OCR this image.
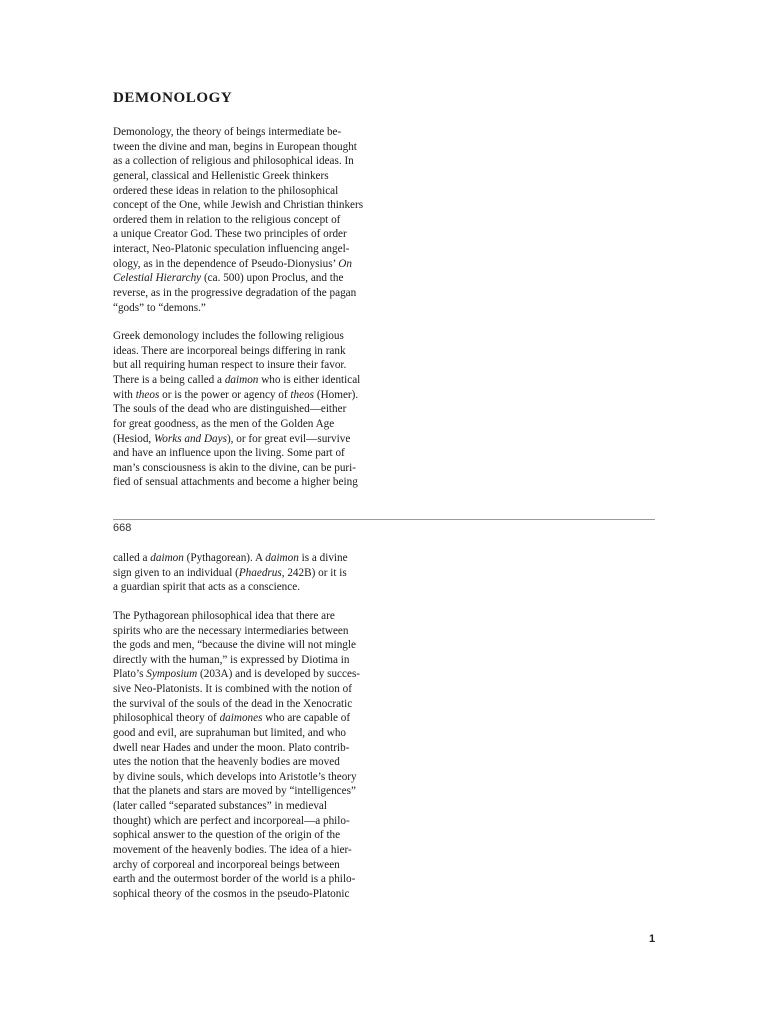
DEMONOLOGY

Demonology, the theory of beings intermediate be-
tween the divine and man, begins in European thought
as a collection of religious and philosophical ideas. In
general, classical and Hellenistic Greek thinkers
ordered these ideas in relation to the philosophical
concept of the One, while Jewish and Christian thinkers
ordered them in relation to the religious concept of
a unique Creator God. These two principles of order
interact, Neo-Platonic speculation influencing angel-
ology, as in the dependence of Pseudo-Dionysius’ On
Celestial Hierarchy (ca. 500) upon Proclus, and the
reverse, as in the progressive degradation of the pagan
“gods” to “demons.”

Greek demonology includes the following religious
ideas. There are incorporeal beings differing in rank
but all requiring human respect to insure their favor.
There is a being called a daimon who is either identical
with theos or is the power or agency of theos (Homer).
The souls of the dead who are distinguished—either
for great goodness, as the men of the Golden Age
(Hesiod, Works and Days), or for great evil—survive
and have an influence upon the living. Some part of
man’s consciousness is akin to the divine, can be puri-
fied of sensual attachments and become a higher being

668

called a daimon (Pythagorean). A daimon is a divine
sign given to an individual (Phaedrus, 242B) or it is
a guardian spirit that acts as a conscience.

The Pythagorean philosophical idea that there are
spirits who are the necessary intermediaries between
the gods and men, “because the divine will not mingle
directly with the human,” is expressed by Diotima in
Plato’s Symposium (203A) and is developed by succes-
sive Neo-Platonists. It is combined with the notion of
the survival of the souls of the dead in the Xenocratic
philosophical theory of daimones who are capable of
good and evil, are suprahuman but limited, and who
dwell near Hades and under the moon. Plato contrib-
utes the notion that the heavenly bodies are moved
by divine souls, which develops into Aristotle’s theory
that the planets and stars are moved by “intelligences”
(later called “separated substances” in medieval
thought) which are perfect and incorporeal—a philo-
sophical answer to the question of the origin of the
movement of the heavenly bodies. The idea of a hier-
archy of corporeal and incorporeal beings between
earth and the outermost border of the world is a philo-
sophical theory of the cosmos in the pseudo-Platonic

1
